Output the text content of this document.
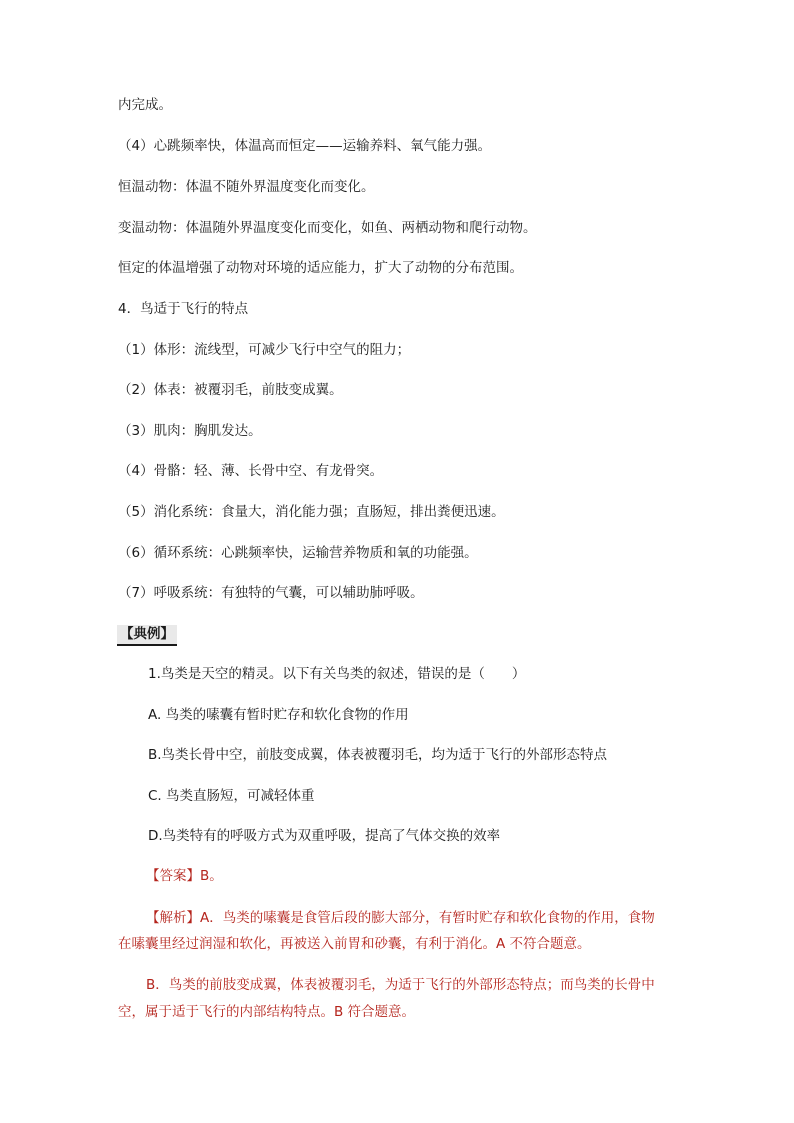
内完成。
（4）心跳频率快，体温高而恒定——运输养料、氧气能力强。
恒温动物：体温不随外界温度变化而变化。
变温动物：体温随外界温度变化而变化，如鱼、两栖动物和爬行动物。
恒定的体温增强了动物对环境的适应能力，扩大了动物的分布范围。
4．鸟适于飞行的特点
（1）体形：流线型，可减少飞行中空气的阻力；
（2）体表：被覆羽毛，前肢变成翼。
（3）肌肉：胸肌发达。
（4）骨骼：轻、薄、长骨中空、有龙骨突。
（5）消化系统：食量大，消化能力强；直肠短，排出粪便迅速。
（6）循环系统：心跳频率快，运输营养物质和氧的功能强。
（7）呼吸系统：有独特的气囊，可以辅助肺呼吸。
【典例】
1.鸟类是天空的精灵。以下有关鸟类的叙述，错误的是（　　）
A. 鸟类的嗉囊有暂时贮存和软化食物的作用
B.鸟类长骨中空，前肢变成翼，体表被覆羽毛，均为适于飞行的外部形态特点
C. 鸟类直肠短，可减轻体重
D.鸟类特有的呼吸方式为双重呼吸，提高了气体交换的效率
【答案】B。
【解析】A．鸟类的嗉囊是食管后段的膨大部分，有暂时贮存和软化食物的作用，食物
在嗉囊里经过润湿和软化，再被送入前胃和砂囊，有利于消化。A 不符合题意。
B．鸟类的前肢变成翼，体表被覆羽毛，为适于飞行的外部形态特点；而鸟类的长骨中
空，属于适于飞行的内部结构特点。B 符合题意。
